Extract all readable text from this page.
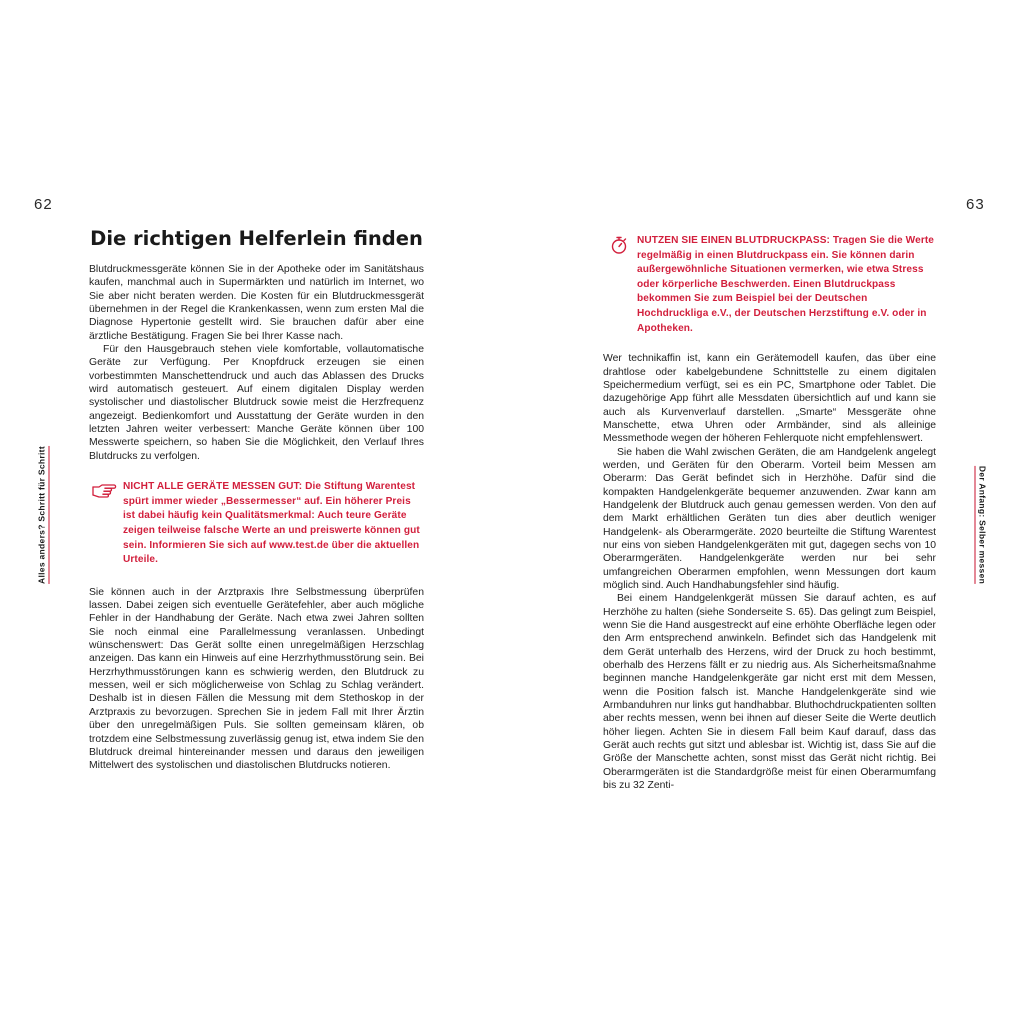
62	63
Alles anders? Schritt für Schritt	Der Anfang: Selber messen
Die richtigen Helferlein finden

Blutdruckmessgeräte können Sie in der Apotheke oder im Sanitätshaus kaufen, manchmal auch in Supermärkten und natürlich im Internet, wo Sie aber nicht beraten werden. Die Kosten für ein Blutdruckmessgerät übernehmen in der Regel die Krankenkassen, wenn zum ersten Mal die Diagnose Hypertonie gestellt wird. Sie brauchen dafür aber eine ärztliche Bestätigung. Fragen Sie bei Ihrer Kasse nach.

Für den Hausgebrauch stehen viele komfortable, vollautomatische Geräte zur Verfügung. Per Knopfdruck erzeugen sie einen vorbestimmten Manschettendruck und auch das Ablassen des Drucks wird automatisch gesteuert. Auf einem digitalen Display werden systolischer und diastolischer Blutdruck sowie meist die Herzfrequenz angezeigt. Bedienkomfort und Ausstattung der Geräte wurden in den letzten Jahren weiter verbessert: Manche Geräte können über 100 Messwerte speichern, so haben Sie die Möglichkeit, den Verlauf Ihres Blutdrucks zu verfolgen.

NICHT ALLE GERÄTE MESSEN GUT: Die Stiftung Warentest spürt immer wieder „Bessermesser“ auf. Ein höherer Preis ist dabei häufig kein Qualitätsmerkmal: Auch teure Geräte zeigen teilweise falsche Werte an und preiswerte können gut sein. Informieren Sie sich auf www.test.de über die aktuellen Urteile.

Sie können auch in der Arztpraxis Ihre Selbstmessung überprüfen lassen. Dabei zeigen sich eventuelle Gerätefehler, aber auch mögliche Fehler in der Handhabung der Geräte. Nach etwa zwei Jahren sollten Sie noch einmal eine Parallelmessung veranlassen. Unbedingt wünschenswert: Das Gerät sollte einen unregelmäßigen Herzschlag anzeigen. Das kann ein Hinweis auf eine Herzrhythmusstörung sein. Bei Herzrhythmusstörungen kann es schwierig werden, den Blutdruck zu messen, weil er sich möglicherweise von Schlag zu Schlag verändert. Deshalb ist in diesen Fällen die Messung mit dem Stethoskop in der Arztpraxis zu bevorzugen. Sprechen Sie in jedem Fall mit Ihrer Ärztin über den unregelmäßigen Puls. Sie sollten gemeinsam klären, ob trotzdem eine Selbstmessung zuverlässig genug ist, etwa indem Sie den Blutdruck dreimal hintereinander messen und daraus den jeweiligen Mittelwert des systolischen und diastolischen Blutdrucks notieren.

NUTZEN SIE EINEN BLUTDRUCKPASS: Tragen Sie die Werte regelmäßig in einen Blutdruckpass ein. Sie können darin außergewöhnliche Situationen vermerken, wie etwa Stress oder körperliche Beschwerden. Einen Blutdruckpass bekommen Sie zum Beispiel bei der Deutschen Hochdruckliga e.V., der Deutschen Herzstiftung e.V. oder in Apotheken.

Wer technikaffin ist, kann ein Gerätemodell kaufen, das über eine drahtlose oder kabelgebundene Schnittstelle zu einem digitalen Speichermedium verfügt, sei es ein PC, Smartphone oder Tablet. Die dazugehörige App führt alle Messdaten übersichtlich auf und kann sie auch als Kurvenverlauf darstellen. „Smarte“ Messgeräte ohne Manschette, etwa Uhren oder Armbänder, sind als alleinige Messmethode wegen der höheren Fehlerquote nicht empfehlenswert.

Sie haben die Wahl zwischen Geräten, die am Handgelenk angelegt werden, und Geräten für den Oberarm. Vorteil beim Messen am Oberarm: Das Gerät befindet sich in Herzhöhe. Dafür sind die kompakten Handgelenkgeräte bequemer anzuwenden. Zwar kann am Handgelenk der Blutdruck auch genau gemessen werden. Von den auf dem Markt erhältlichen Geräten tun dies aber deutlich weniger Handgelenk- als Oberarmgeräte. 2020 beurteilte die Stiftung Warentest nur eins von sieben Handgelenkgeräten mit gut, dagegen sechs von 10 Oberarmgeräten. Handgelenkgeräte werden nur bei sehr umfangreichen Oberarmen empfohlen, wenn Messungen dort kaum möglich sind. Auch Handhabungsfehler sind häufig.

Bei einem Handgelenkgerät müssen Sie darauf achten, es auf Herzhöhe zu halten (siehe Sonderseite S. 65). Das gelingt zum Beispiel, wenn Sie die Hand ausgestreckt auf eine erhöhte Oberfläche legen oder den Arm entsprechend anwinkeln. Befindet sich das Handgelenk mit dem Gerät unterhalb des Herzens, wird der Druck zu hoch bestimmt, oberhalb des Herzens fällt er zu niedrig aus. Als Sicherheitsmaßnahme beginnen manche Handgelenkgeräte gar nicht erst mit dem Messen, wenn die Position falsch ist. Manche Handgelenkgeräte sind wie Armbanduhren nur links gut handhabbar. Bluthochdruckpatienten sollten aber rechts messen, wenn bei ihnen auf dieser Seite die Werte deutlich höher liegen. Achten Sie in diesem Fall beim Kauf darauf, dass das Gerät auch rechts gut sitzt und ablesbar ist. Wichtig ist, dass Sie auf die Größe der Manschette achten, sonst misst das Gerät nicht richtig. Bei Oberarmgeräten ist die Standardgröße meist für einen Oberarmumfang bis zu 32 Zenti-
